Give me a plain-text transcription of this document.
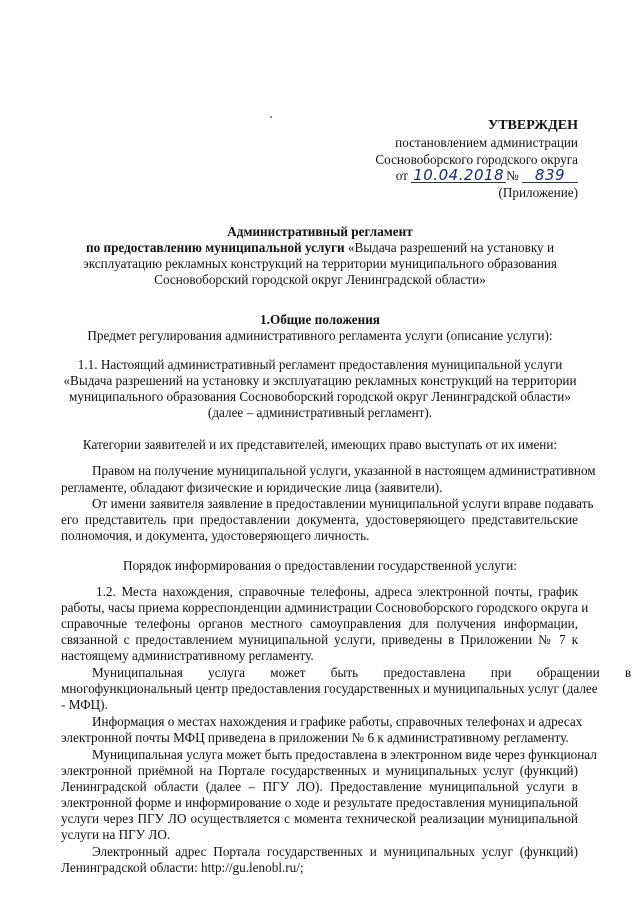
УТВЕРЖДЕН
постановлением администрации
Сосновоборского городского округа
от 10.04.2018 № 839
(Приложение)
Административный регламент
по предоставлению муниципальной услуги «Выдача разрешений на установку и
эксплуатацию рекламных конструкций на территории муниципального образования
Сосновоборский городской округ Ленинградской области»
1.Общие положения
Предмет регулирования административного регламента услуги (описание услуги):
1.1. Настоящий административный регламент предоставления муниципальной услуги
«Выдача разрешений на установку и эксплуатацию рекламных конструкций на территории
муниципального образования Сосновоборский городской округ Ленинградской области»
(далее – административный регламент).
Категории заявителей и их представителей, имеющих право выступать от их имени:
Правом на получение муниципальной услуги, указанной в настоящем административном
регламенте, обладают физические и юридические лица (заявители).
От имени заявителя заявление в предоставлении муниципальной услуги вправе подавать
его представитель при предоставлении документа, удостоверяющего представительские
полномочия, и документа, удостоверяющего личность.
Порядок информирования о предоставлении государственной услуги:
1.2. Места нахождения, справочные телефоны, адреса электронной почты, график
работы, часы приема корреспонденции администрации Сосновоборского городского округа и
справочные телефоны органов местного самоуправления для получения информации,
связанной с предоставлением муниципальной услуги, приведены в Приложении № 7 к
настоящему административному регламенту.
Муниципальная услуга может быть предоставлена при обращении в
многофункциональный центр предоставления государственных и муниципальных услуг (далее
- МФЦ).
Информация о местах нахождения и графике работы, справочных телефонах и адресах
электронной почты МФЦ приведена в приложении № 6 к административному регламенту.
Муниципальная услуга может быть предоставлена в электронном виде через функционал
электронной приёмной на Портале государственных и муниципальных услуг (функций)
Ленинградской области (далее – ПГУ ЛО). Предоставление муниципальной услуги в
электронной форме и информирование о ходе и результате предоставления муниципальной
услуги через ПГУ ЛО осуществляется с момента технической реализации муниципальной
услуги на ПГУ ЛО.
Электронный адрес Портала государственных и муниципальных услуг (функций)
Ленинградской области: http://gu.lenobl.ru/;
